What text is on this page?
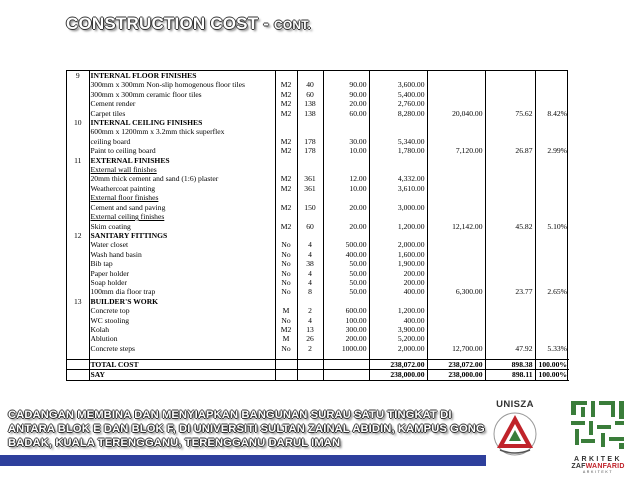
CONSTRUCTION COST - CONT.
9	INTERNAL FLOOR FINISHES							
	300mm x 300mm Non-slip homogenous floor tiles	M2	40	90.00	3,600.00			
	300mm x 300mm ceramic floor tiles	M2	60	90.00	5,400.00			
	Cement render	M2	138	20.00	2,760.00			
	Carpet tiles	M2	138	60.00	8,280.00	20,040.00	75.62	8.42%
10	INTERNAL CEILING FINISHES							
	600mm x 1200mm x 3.2mm thick superflex							
	ceiling board	M2	178	30.00	5,340.00			
	Paint to ceiling board	M2	178	10.00	1,780.00	7,120.00	26.87	2.99%
11	EXTERNAL FINISHES							
	External wall finishes							
	20mm thick cement and sand (1:6) plaster	M2	361	12.00	4,332.00			
	Weathercoat painting	M2	361	10.00	3,610.00			
	External floor finishes							
	Cement and sand paving	M2	150	20.00	3,000.00			
	External ceiling finishes							
	Skim coating	M2	60	20.00	1,200.00	12,142.00	45.82	5.10%
12	SANITARY FITTINGS							
	Water closet	No	4	500.00	2,000.00			
	Wash hand basin	No	4	400.00	1,600.00			
	Bib tap	No	38	50.00	1,900.00			
	Paper holder	No	4	50.00	200.00			
	Soap holder	No	4	50.00	200.00			
	100mm dia floor trap	No	8	50.00	400.00	6,300.00	23.77	2.65%
13	BUILDER'S WORK							
	Concrete top	M	2	600.00	1,200.00			
	WC stooling	No	4	100.00	400.00			
	Kolah	M2	13	300.00	3,900.00			
	Ablution	M	26	200.00	5,200.00			
	Concrete steps	No	2	1000.00	2,000.00	12,700.00	47.92	5.33%

	TOTAL COST				238,072.00	238,072.00	898.38	100.00%
	SAY				238,000.00	238,000.00	898.11	100.00%
CADANGAN MEMBINA DAN MENYIAPKAN BANGUNAN SURAU SATU TINGKAT DI
ANTARA BLOK E DAN BLOK F, DI UNIVERSITI SULTAN ZAINAL ABIDIN, KAMPUS GONG
BADAK, KUALA TERENGGANU, TERENGGANU DARUL IMAN
UNISZA
ARKITEK
ZAFWANFARID
ARKITEKT
